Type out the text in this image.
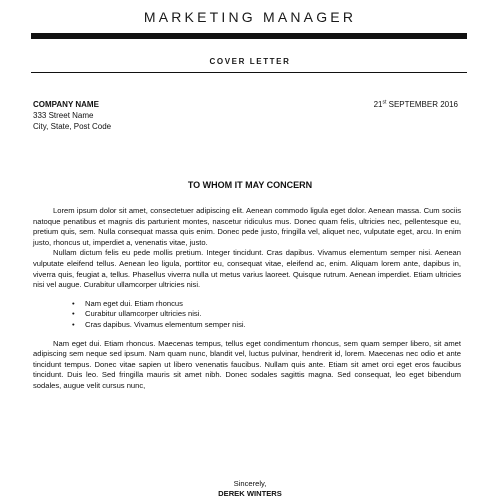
MARKETING MANAGER
COVER LETTER
COMPANY NAME
333 Street Name
City, State, Post Code
21st SEPTEMBER 2016
TO WHOM IT MAY CONCERN

Lorem ipsum dolor sit amet, consectetuer adipiscing elit. Aenean commodo ligula eget dolor. Aenean massa. Cum sociis natoque penatibus et magnis dis parturient montes, nascetur ridiculus mus. Donec quam felis, ultricies nec, pellentesque eu, pretium quis, sem. Nulla consequat massa quis enim. Donec pede justo, fringilla vel, aliquet nec, vulputate eget, arcu. In enim justo, rhoncus ut, imperdiet a, venenatis vitae, justo.

Nullam dictum felis eu pede mollis pretium. Integer tincidunt. Cras dapibus. Vivamus elementum semper nisi. Aenean vulputate eleifend tellus. Aenean leo ligula, porttitor eu, consequat vitae, eleifend ac, enim. Aliquam lorem ante, dapibus in, viverra quis, feugiat a, tellus. Phasellus viverra nulla ut metus varius laoreet. Quisque rutrum. Aenean imperdiet. Etiam ultricies nisi vel augue. Curabitur ullamcorper ultricies nisi.

• Nam eget dui. Etiam rhoncus
• Curabitur ullamcorper ultricies nisi.
• Cras dapibus. Vivamus elementum semper nisi.

Nam eget dui. Etiam rhoncus. Maecenas tempus, tellus eget condimentum rhoncus, sem quam semper libero, sit amet adipiscing sem neque sed ipsum. Nam quam nunc, blandit vel, luctus pulvinar, hendrerit id, lorem. Maecenas nec odio et ante tincidunt tempus. Donec vitae sapien ut libero venenatis faucibus. Nullam quis ante. Etiam sit amet orci eget eros faucibus tincidunt. Duis leo. Sed fringilla mauris sit amet nibh. Donec sodales sagittis magna. Sed consequat, leo eget bibendum sodales, augue velit cursus nunc,

Sincerely,
DEREK WINTERS
